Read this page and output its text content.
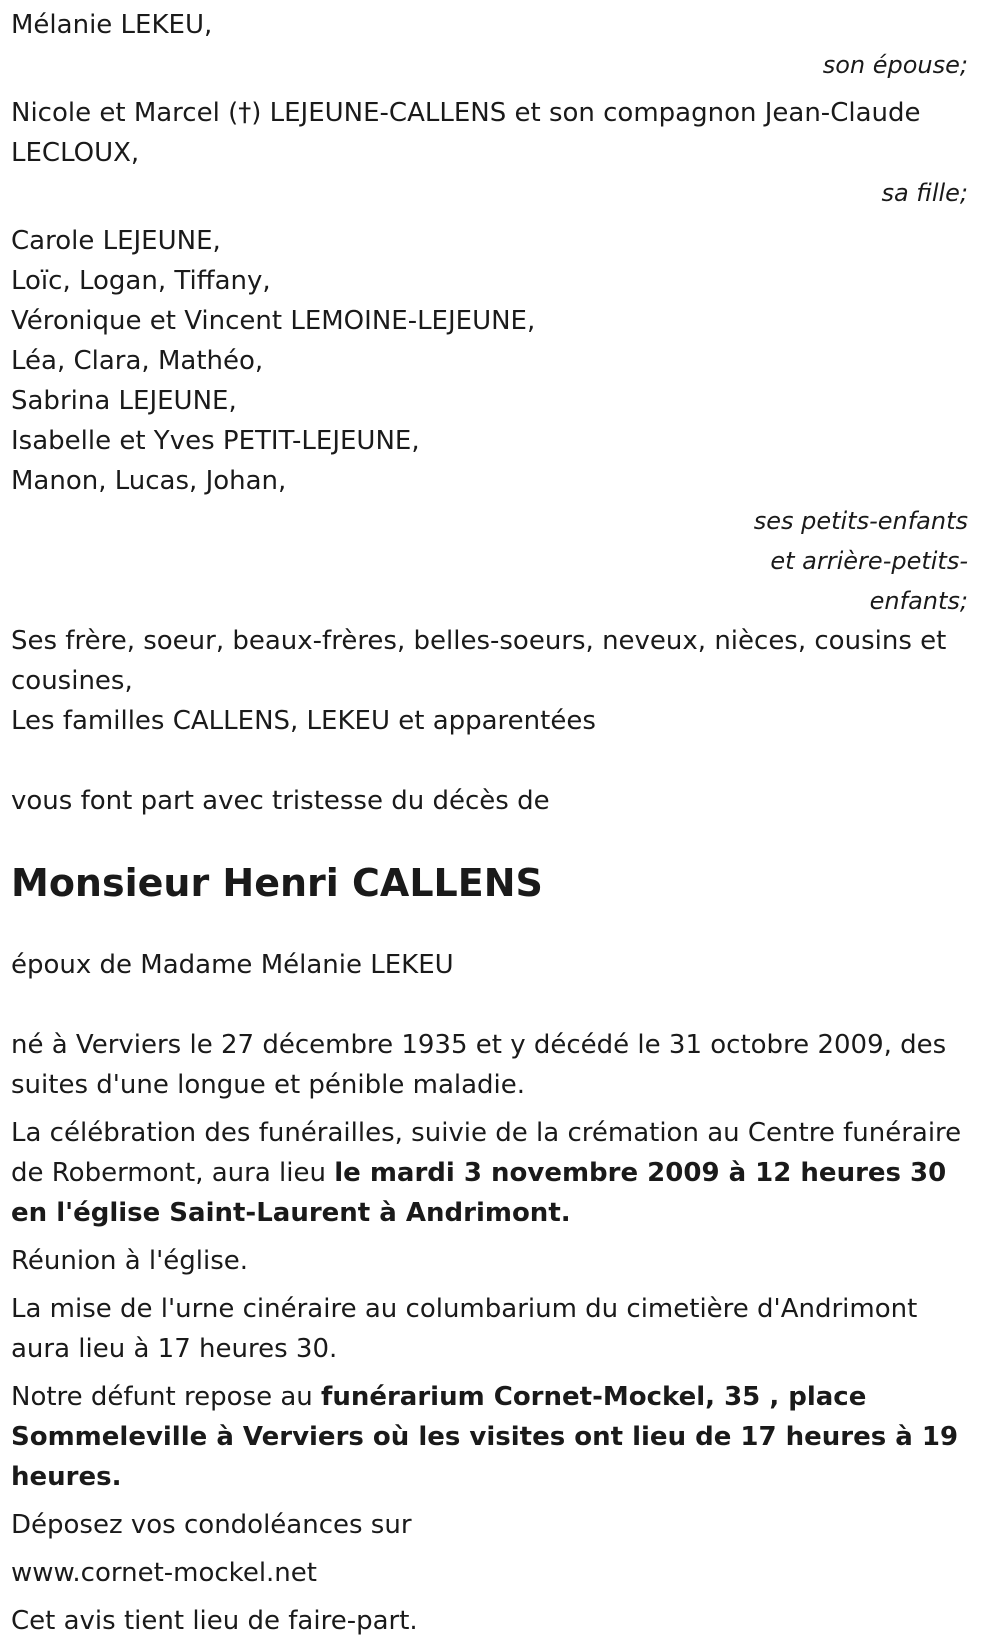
Mélanie LEKEU,

son épouse;

Nicole et Marcel (†) LEJEUNE-CALLENS et son compagnon Jean-Claude LECLOUX,

sa fille;

Carole LEJEUNE,

Loïc, Logan, Tiffany,

Véronique et Vincent LEMOINE-LEJEUNE,

Léa, Clara, Mathéo,

Sabrina LEJEUNE,

Isabelle et Yves PETIT-LEJEUNE,

Manon, Lucas, Johan,

ses petits-enfants et arrière-petits-enfants;

Ses frère, soeur, beaux-frères, belles-soeurs, neveux, nièces, cousins et cousines,

Les familles CALLENS, LEKEU et apparentées

vous font part avec tristesse du décès de

Monsieur Henri CALLENS

époux de Madame Mélanie LEKEU

né à Verviers le 27 décembre 1935 et y décédé le 31 octobre 2009, des suites d'une longue et pénible maladie.

La célébration des funérailles, suivie de la crémation au Centre funéraire de Robermont, aura lieu le mardi 3 novembre 2009 à 12 heures 30 en l'église Saint-Laurent à Andrimont.

Réunion à l'église.

La mise de l'urne cinéraire au columbarium du cimetière d'Andrimont aura lieu à 17 heures 30.

Notre défunt repose au funérarium Cornet-Mockel, 35 , place Sommeleville à Verviers où les visites ont lieu de 17 heures à 19 heures.

Déposez vos condoléances sur

www.cornet-mockel.net

Cet avis tient lieu de faire-part.
